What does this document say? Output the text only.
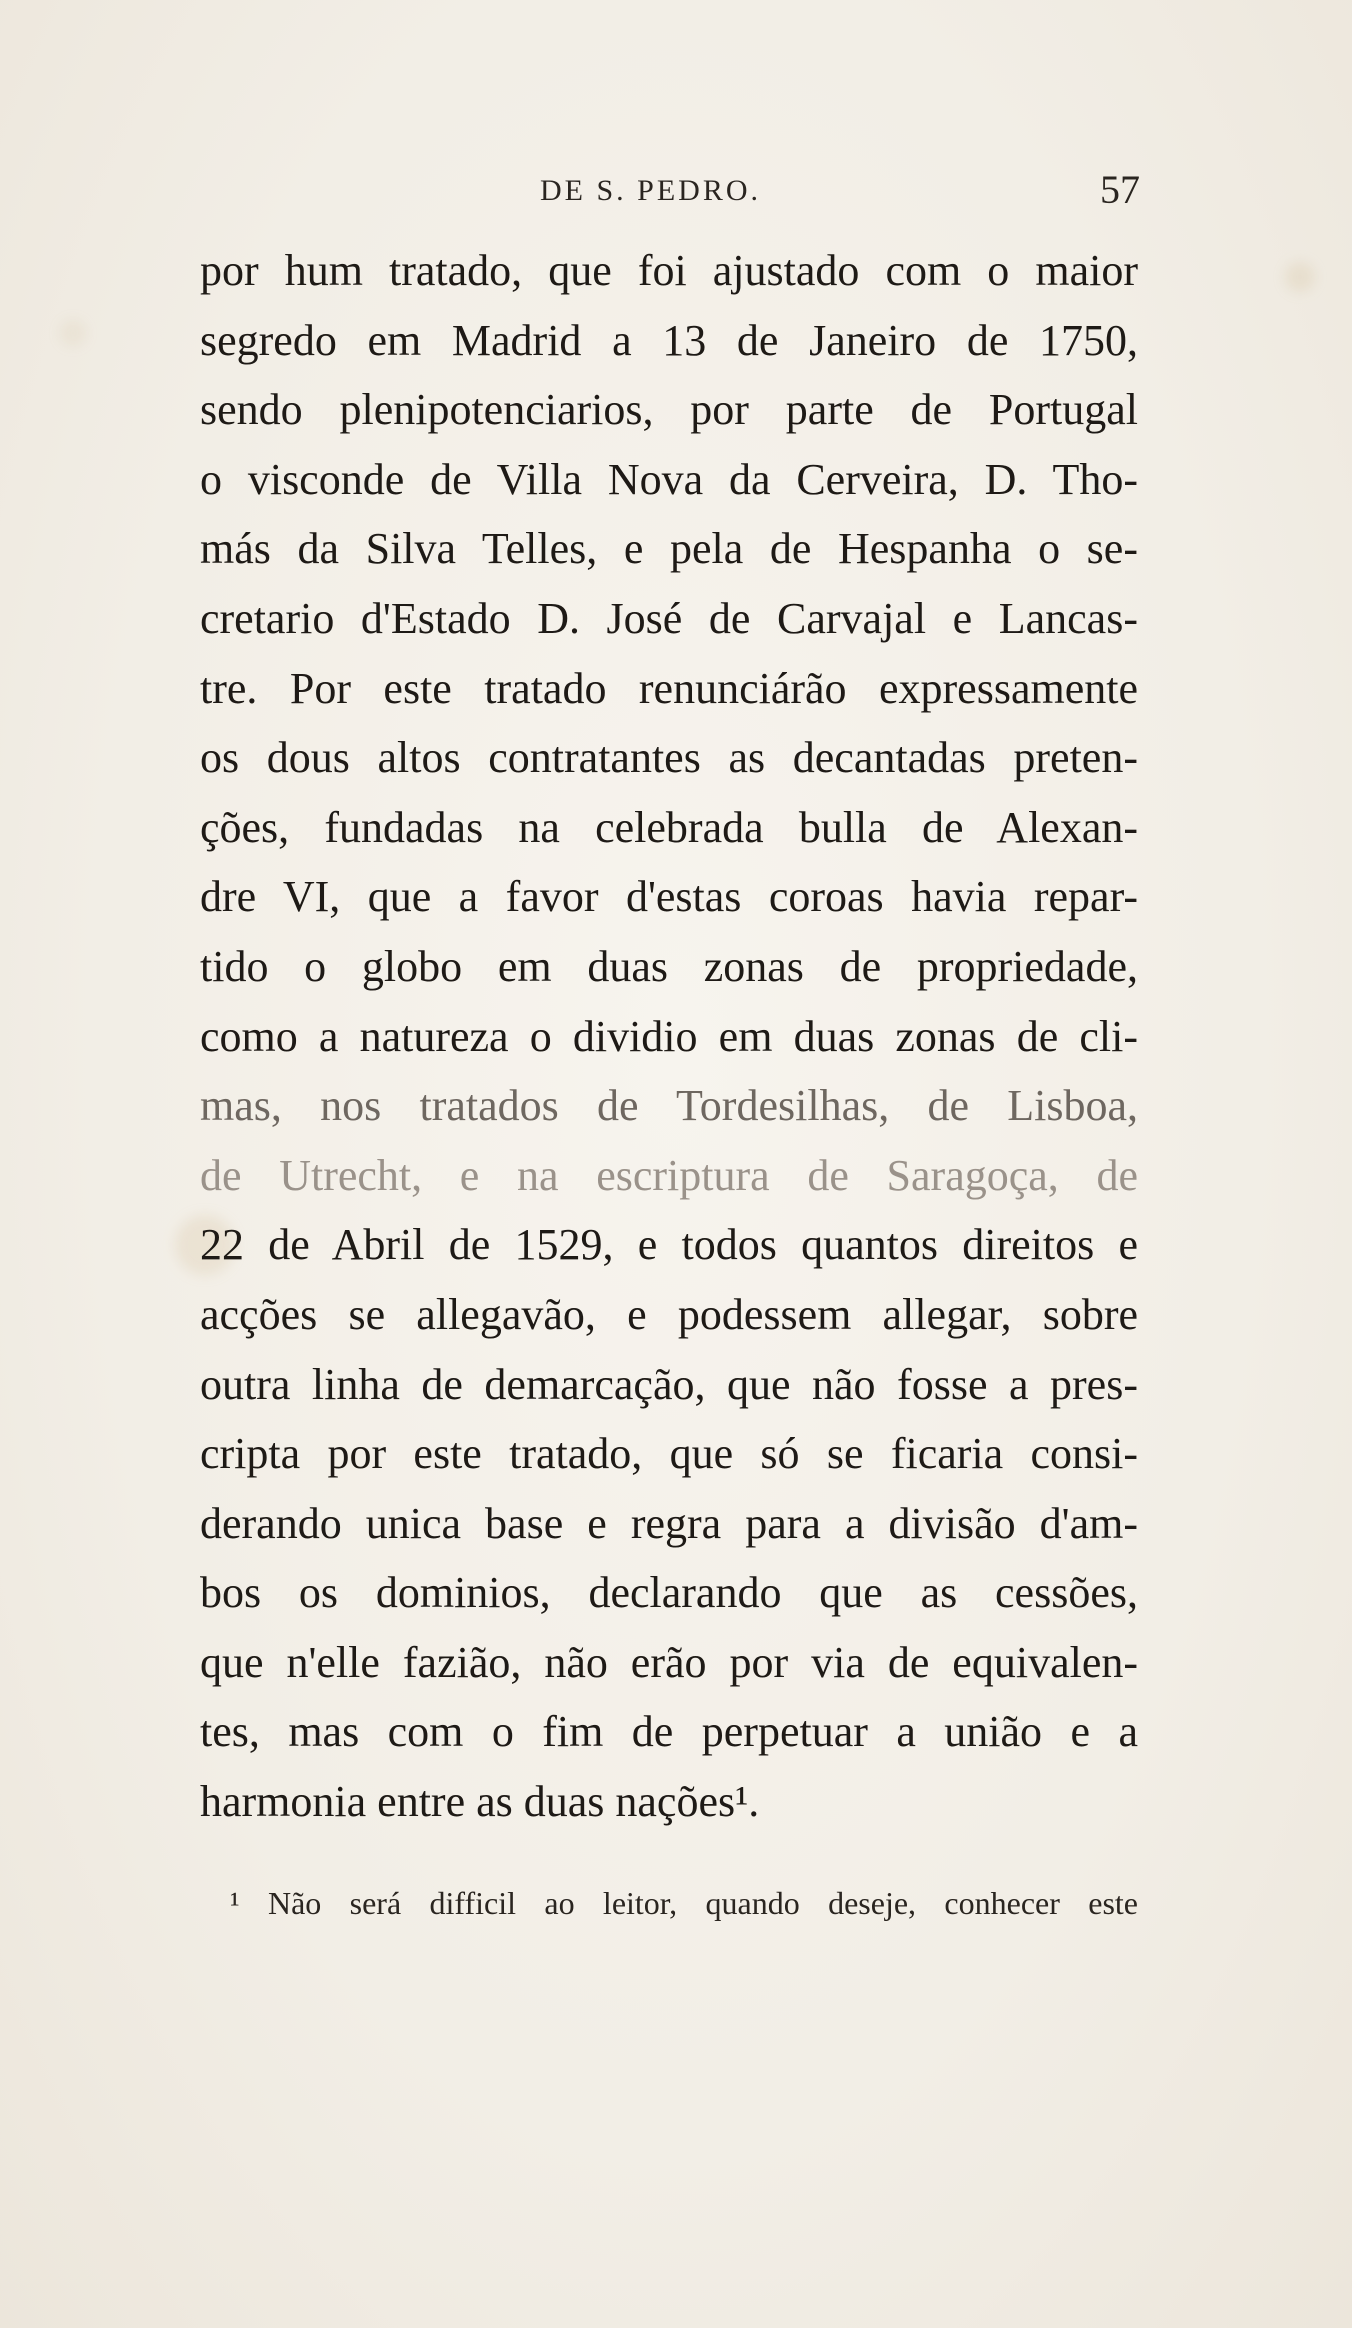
DE S. PEDRO.	57
por hum tratado, que foi ajustado com o maior
segredo em Madrid a 13 de Janeiro de 1750,
sendo plenipotenciarios, por parte de Portugal
o visconde de Villa Nova da Cerveira, D. Tho-
más da Silva Telles, e pela de Hespanha o se-
cretario d'Estado D. José de Carvajal e Lancas-
tre. Por este tratado renunciárão expressamente
os dous altos contratantes as decantadas preten-
ções, fundadas na celebrada bulla de Alexan-
dre VI, que a favor d'estas coroas havia repar-
tido o globo em duas zonas de propriedade,
como a natureza o dividio em duas zonas de cli-
mas, nos tratados de Tordesilhas, de Lisboa,
de Utrecht, e na escriptura de Saragoça, de
22 de Abril de 1529, e todos quantos direitos e
acções se allegavão, e podessem allegar, sobre
outra linha de demarcação, que não fosse a pres-
cripta por este tratado, que só se ficaria consi-
derando unica base e regra para a divisão d'am-
bos os dominios, declarando que as cessões,
que n'elle fazião, não erão por via de equivalen-
tes, mas com o fim de perpetuar a união e a
harmonia entre as duas nações¹.
¹ Não será difficil ao leitor, quando deseje, conhecer este
